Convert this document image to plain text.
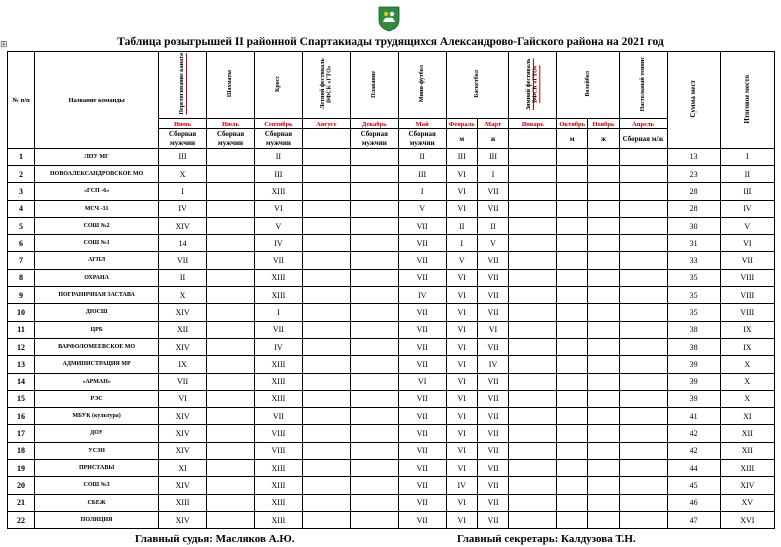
⊞	Таблица розыгрышей II районной Спартакиады трудящихся Александрово-Гайского района на 2021 год
№ п/п	Название команды	Перетягивание каната	Шахматы	Кросс	Летний фестиваль ВФСК «ГТО»	Плавание	Мини-футбол	Баскетбол		Зимний фестиваль ВФСК «ГТО»	Волейбол		Настольный теннис	Сумма мест	Итоговое место
		Июнь	Июль	Сентябрь	Август	Декабрь	Май	Февраль	Март	Январь	Октябрь	Ноябрь	Апрель		
		Сборная мужчин	Сборная мужчин	Сборная мужчин		Сборная мужчин	Сборная мужчин	м	ж		м	ж	Сборная м/ж		
1	ЛПУ МГ	III		II			II	III	III					13	I
2	НОВОАЛЕКСАНДРОВСКОЕ МО	X		III			III	VI	I					23	II
3	«ГСП -6»	I		XIII			I	VI	VII					28	III
4	МСЧ -31	IV		VI			V	VI	VII					28	IV
5	СОШ №2	XIV		V			VII	II	II					30	V
6	СОШ №1	14		IV			VII	I	V					31	VI
7	АГПЛ	VII		VII			VII	V	VII					33	VII
8	ОХРАНА	II		XIII			VII	VI	VII					35	VIII
9	ПОГРАНИЧНАЯ ЗАСТАВА	X		XIII			IV	VI	VII					35	VIII
10	ДЮСШ	XIV		I			VII	VI	VII					35	VIII
11	ЦРБ	XII		VII			VII	VI	VI					38	IX
12	ВАРФОЛОМЕЕВСКОЕ МО	XIV		IV			VII	VI	VII					38	IX
13	АДМИНИСТРАЦИЯ МР	IX		XIII			VII	VI	IV					39	X
14	«АРМАН»	VII		XIII			VI	VI	VII					39	X
15	РЭС	VI		XIII			VII	VI	VII					39	X
16	МБУК (культура)	XIV		VII			VII	VI	VII					41	XI
17	ДОУ	XIV		VIII			VII	VI	VII					42	XII
18	УСЗН	XIV		VIII			VII	VI	VII					42	XII
19	ПРИСТАВЫ	XI		XIII			VII	VI	VII					44	XIII
20	СОШ №3	XIV		XIII			VII	IV	VII					45	XIV
21	СБЕЖ	XIII		XIII			VII	VI	VII					46	XV
22	ПОЛИЦИЯ	XIV		XIII			VII	VI	VII					47	XVI
Главный судья: Масляков А.Ю.	Главный секретарь: Калдузова Т.Н.
